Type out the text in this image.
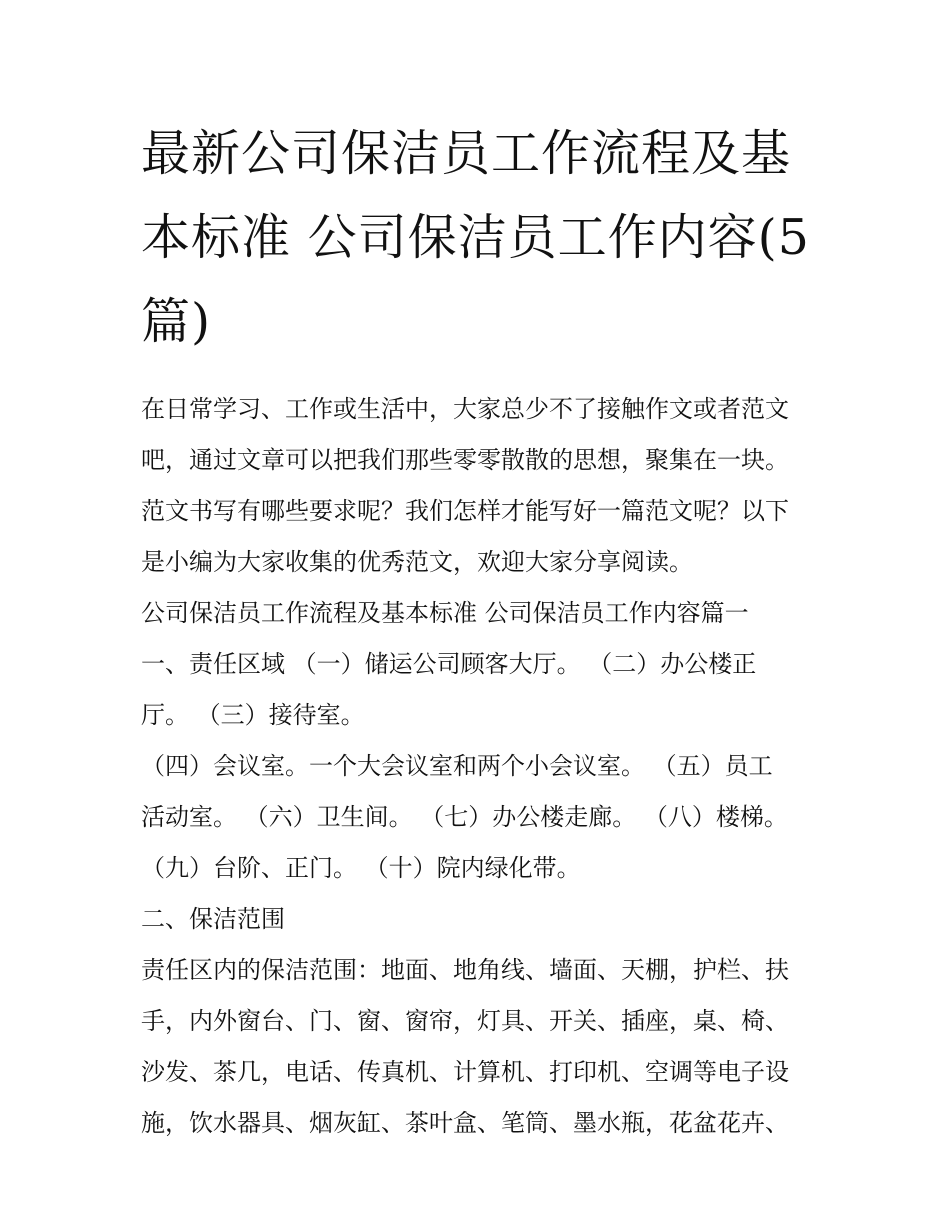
最新公司保洁员工作流程及基
本标准 公司保洁员工作内容(5
篇)

在日常学习、工作或生活中，大家总少不了接触作文或者范文
吧，通过文章可以把我们那些零零散散的思想，聚集在一块。
范文书写有哪些要求呢？我们怎样才能写好一篇范文呢？以下
是小编为大家收集的优秀范文，欢迎大家分享阅读。

公司保洁员工作流程及基本标准 公司保洁员工作内容篇一

一、责任区域 （一）储运公司顾客大厅。 （二）办公楼正
厅。 （三）接待室。

（四）会议室。一个大会议室和两个小会议室。 （五）员工
活动室。 （六）卫生间。 （七）办公楼走廊。 （八）楼梯。
（九）台阶、正门。 （十）院内绿化带。

二、保洁范围

责任区内的保洁范围：地面、地角线、墙面、天棚，护栏、扶
手，内外窗台、门、窗、窗帘，灯具、开关、插座，桌、椅、
沙发、茶几，电话、传真机、计算机、打印机、空调等电子设
施，饮水器具、烟灰缸、茶叶盒、笔筒、墨水瓶，花盆花卉、
